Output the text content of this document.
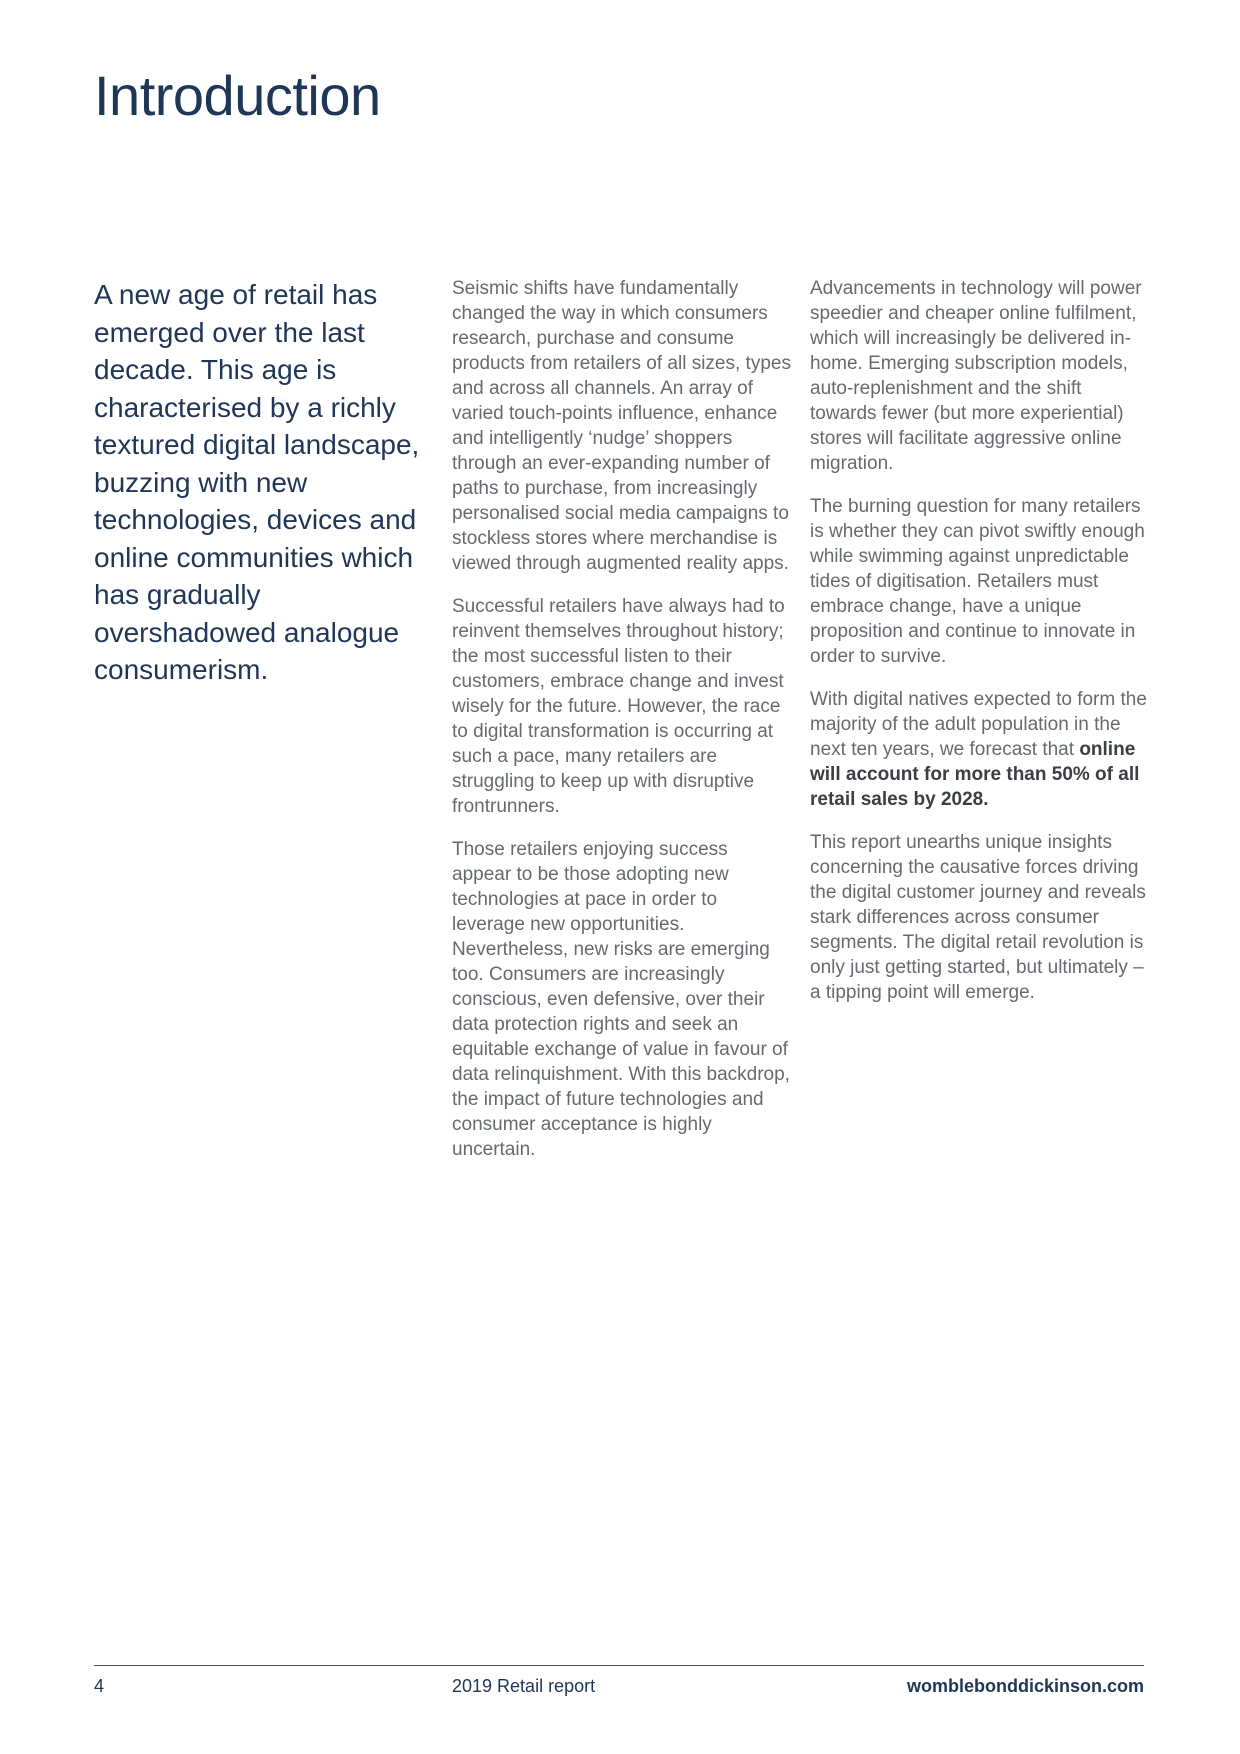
Introduction

A new age of retail has emerged over the last decade. This age is characterised by a richly textured digital landscape, buzzing with new technologies, devices and online communities which has gradually overshadowed analogue consumerism.

Seismic shifts have fundamentally changed the way in which consumers research, purchase and consume products from retailers of all sizes, types and across all channels. An array of varied touch-points influence, enhance and intelligently ‘nudge’ shoppers through an ever-expanding number of paths to purchase, from increasingly personalised social media campaigns to stockless stores where merchandise is viewed through augmented reality apps.

Successful retailers have always had to reinvent themselves throughout history; the most successful listen to their customers, embrace change and invest wisely for the future. However, the race to digital transformation is occurring at such a pace, many retailers are struggling to keep up with disruptive frontrunners.

Those retailers enjoying success appear to be those adopting new technologies at pace in order to leverage new opportunities. Nevertheless, new risks are emerging too. Consumers are increasingly conscious, even defensive, over their data protection rights and seek an equitable exchange of value in favour of data relinquishment. With this backdrop, the impact of future technologies and consumer acceptance is highly uncertain.

Advancements in technology will power speedier and cheaper online fulfilment, which will increasingly be delivered in-home. Emerging subscription models, auto-replenishment and the shift towards fewer (but more experiential) stores will facilitate aggressive online migration.

The burning question for many retailers is whether they can pivot swiftly enough while swimming against unpredictable tides of digitisation. Retailers must embrace change, have a unique proposition and continue to innovate in order to survive.

With digital natives expected to form the majority of the adult population in the next ten years, we forecast that online will account for more than 50% of all retail sales by 2028.

This report unearths unique insights concerning the causative forces driving the digital customer journey and reveals stark differences across consumer segments. The digital retail revolution is only just getting started, but ultimately – a tipping point will emerge.

4	2019 Retail report	womblebonddickinson.com
